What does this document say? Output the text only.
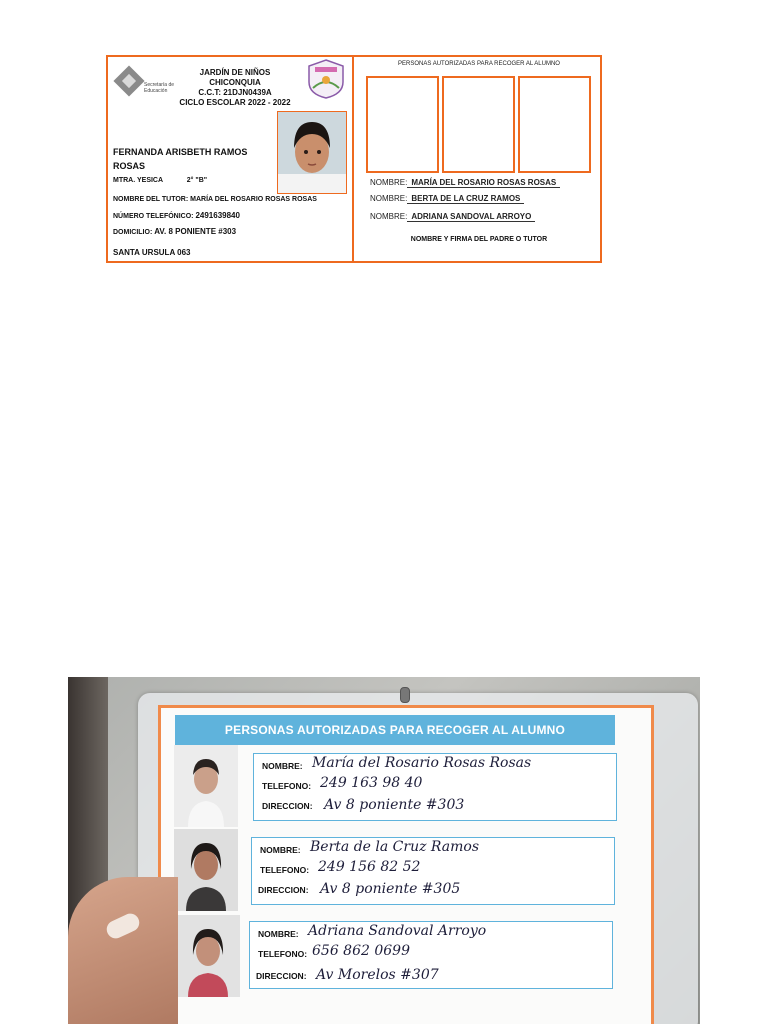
Secretaría de Educación
JARDÍN DE NIÑOS
CHICONQUIA
C.C.T: 21DJN0439A
CICLO ESCOLAR 2022 - 2022
FERNANDA ARISBETH RAMOS
ROSAS
MTRA. YESICA	2° "B"
NOMBRE DEL TUTOR: MARÍA DEL ROSARIO ROSAS ROSAS
NÚMERO TELEFÓNICO: 2491639840
DOMICILIO: AV. 8 PONIENTE #303
SANTA URSULA 063
PERSONAS AUTORIZADAS PARA RECOGER AL ALUMNO
NOMBRE: MARÍA DEL ROSARIO ROSAS ROSAS
NOMBRE: BERTA DE LA CRUZ RAMOS
NOMBRE: ADRIANA SANDOVAL ARROYO
NOMBRE Y FIRMA DEL PADRE O TUTOR
PERSONAS AUTORIZADAS PARA RECOGER AL ALUMNO
NOMBRE: María del Rosario Rosas Rosas
TELEFONO: 249 163 98 40
DIRECCION: Av 8 poniente #303
NOMBRE: Berta de la Cruz Ramos
TELEFONO: 249 156 82 52
DIRECCION: Av 8 poniente #305
NOMBRE: Adriana Sandoval Arroyo
TELEFONO: 656 862 0699
DIRECCION: Av Morelos #307
